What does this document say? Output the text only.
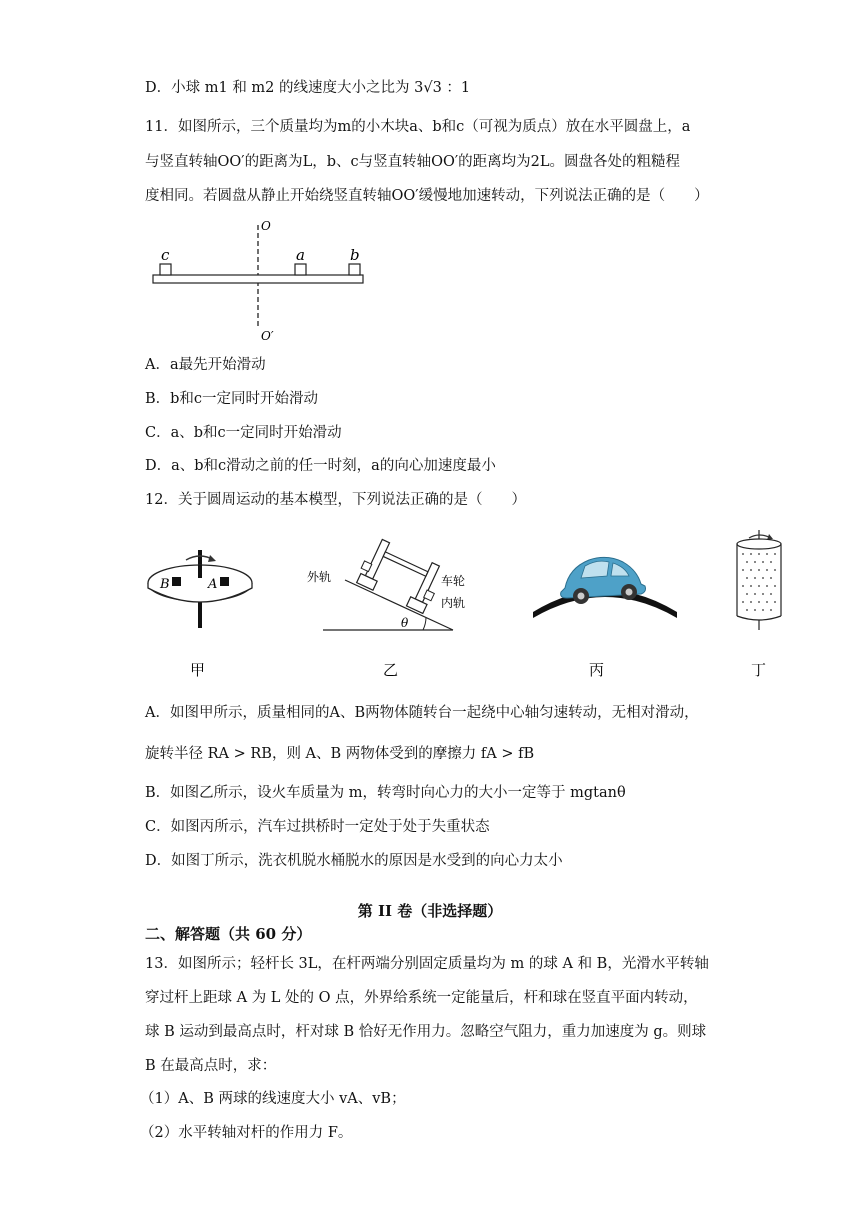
D．小球 m1 和 m2 的线速度大小之比为 3√3 ：1
11．如图所示，三个质量均为m的小木块a、b和c（可视为质点）放在水平圆盘上，a
与竖直转轴OO′的距离为L，b、c与竖直转轴OO′的距离均为2L。圆盘各处的粗糙程
度相同。若圆盘从静止开始绕竖直转轴OO′缓慢地加速转动，下列说法正确的是（　　）
O
c	a	b
O′
A．a最先开始滑动
B．b和c一定同时开始滑动
C．a、b和c一定同时开始滑动
D．a、b和c滑动之前的任一时刻，a的向心加速度最小
12．关于圆周运动的基本模型，下列说法正确的是（　　）
B	A
甲
外轨	车轮
内轨
θ
乙	丙	丁
A．如图甲所示，质量相同的A、B两物体随转台一起绕中心轴匀速转动，无相对滑动，
旋转半径 RA > RB，则 A、B 两物体受到的摩擦力 fA > fB
B．如图乙所示，设火车质量为 m，转弯时向心力的大小一定等于 mgtanθ
C．如图丙所示，汽车过拱桥时一定处于处于失重状态
D．如图丁所示，洗衣机脱水桶脱水的原因是水受到的向心力太小
第 II 卷（非选择题）
二、解答题（共 60 分）
13．如图所示；轻杆长 3L，在杆两端分别固定质量均为 m 的球 A 和 B，光滑水平转轴
穿过杆上距球 A 为 L 处的 O 点，外界给系统一定能量后，杆和球在竖直平面内转动，
球 B 运动到最高点时，杆对球 B 恰好无作用力。忽略空气阻力，重力加速度为 g。则球
B 在最高点时，求：
（1）A、B 两球的线速度大小 vA、vB；
（2）水平转轴对杆的作用力 F。
